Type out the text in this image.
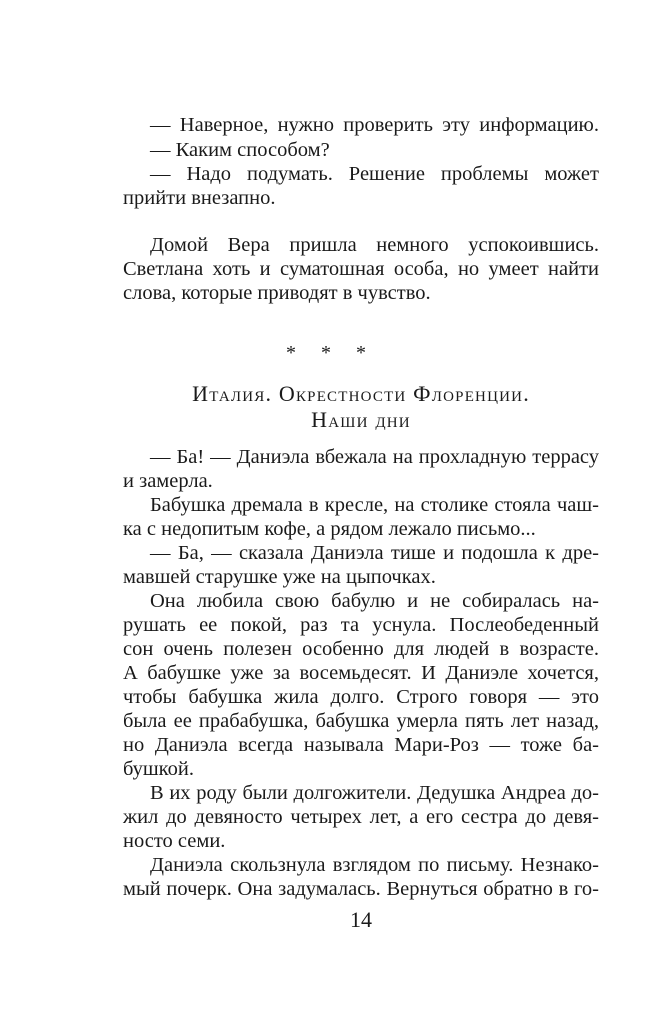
— Наверное, нужно проверить эту информацию.
— Каким способом?
— Надо подумать. Решение проблемы может
прийти внезапно.
Домой Вера пришла немного успокоившись.
Светлана хоть и суматошная особа, но умеет найти
слова, которые приводят в чувство.
* * *
Италия. Окрестности Флоренции.
Наши дни
— Ба! — Даниэла вбежала на прохладную террасу
и замерла.
Бабушка дремала в кресле, на столике стояла чаш-
ка с недопитым кофе, а рядом лежало письмо...
— Ба, — сказала Даниэла тише и подошла к дре-
мавшей старушке уже на цыпочках.
Она любила свою бабулю и не собиралась на-
рушать ее покой, раз та уснула. Послеобеденный
сон очень полезен особенно для людей в возрасте.
А бабушке уже за восемьдесят. И Даниэле хочется,
чтобы бабушка жила долго. Строго говоря — это
была ее прабабушка, бабушка умерла пять лет назад,
но Даниэла всегда называла Мари-Роз — тоже ба-
бушкой.
В их роду были долгожители. Дедушка Андреа до-
жил до девяносто четырех лет, а его сестра до девя-
носто семи.
Даниэла скользнула взглядом по письму. Незнако-
мый почерк. Она задумалась. Вернуться обратно в го-
14
